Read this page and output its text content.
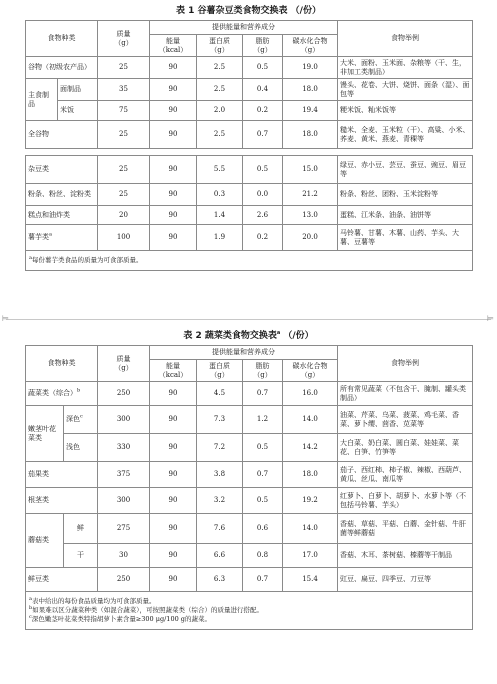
表 1 谷薯杂豆类食物交换表 （/份）
食物种类		质量
（g）	提供能量和营养成分				食物举例
			能量
（kcal）	蛋白质
（g）	脂肪
（g）	碳水化合物
（g）	
谷物（初级农产品）		25	90	2.5	0.5	19.0	大米、面粉、玉米面、杂粮等（干、生，非加工类制品）
主食制品	面制品	35	90	2.5	0.4	18.0	馒头、花卷、大饼、烧饼、面条（湿）、面包等
	米饭	75	90	2.0	0.2	19.4	粳米饭、籼米饭等
全谷物		25	90	2.5	0.7	18.0	糙米、全麦、玉米粒（干）、高粱、小米、荞麦、黄米、燕麦、青稞等

杂豆类		25	90	5.5	0.5	15.0	绿豆、赤小豆、芸豆、蚕豆、豌豆、眉豆等
粉条、粉丝、淀粉类		25	90	0.3	0.0	21.2	粉条、粉丝、团粉、玉米淀粉等
糕点和油炸类		20	90	1.4	2.6	13.0	蛋糕、江米条、油条、油饼等
薯芋类$^a$		100	90	1.9	0.2	20.0	马铃薯、甘薯、木薯、山药、芋头、大薯、豆薯等
$^a$每份薯芋类食品的质量为可食部质量。							
⊨	⊨
表 2 蔬菜类食物交换表$^a$ （/份）
食物种类		质量
（g）	提供能量和营养成分				食物举例
			能量
（kcal）	蛋白质
（g）	脂肪
（g）	碳水化合物
（g）	
蔬菜类（综合）$^b$		250	90	4.5	0.7	16.0	所有常见蔬菜（不包含干、腌制、罐头类制品）
嫩茎叶花菜类	深色$^c$	300	90	7.3	1.2	14.0	油菜、芹菜、乌菜、菠菜、鸡毛菜、香菜、萝卜缨、茴香、苋菜等
	浅色	330	90	7.2	0.5	14.2	大白菜、奶白菜、圆白菜、娃娃菜、菜花、白笋、竹笋等
茄果类		375	90	3.8	0.7	18.0	茄子、西红柿、柿子椒、辣椒、西葫芦、黄瓜、丝瓜、南瓜等
根茎类		300	90	3.2	0.5	19.2	红萝卜、白萝卜、胡萝卜、水萝卜等（不包括马铃薯、芋头）
蘑菇类	鲜	275	90	7.6	0.6	14.0	香菇、草菇、平菇、白蘑、金针菇、牛肝菌等鲜蘑菇
	干	30	90	6.6	0.8	17.0	香菇、木耳、茶树菇、榛蘑等干制品
鲜豆类		250	90	6.3	0.7	15.4	豇豆、扁豆、四季豆、刀豆等

$^a$表中给出的每份食品质量均为可食部质量。
$^b$如果难以区分蔬菜种类（如混合蔬菜），可按照蔬菜类（综合）的质量进行搭配。
$^c$深色嫩茎叶花菜类特指胡萝卜素含量≥300 μg/100 g的蔬菜。							
